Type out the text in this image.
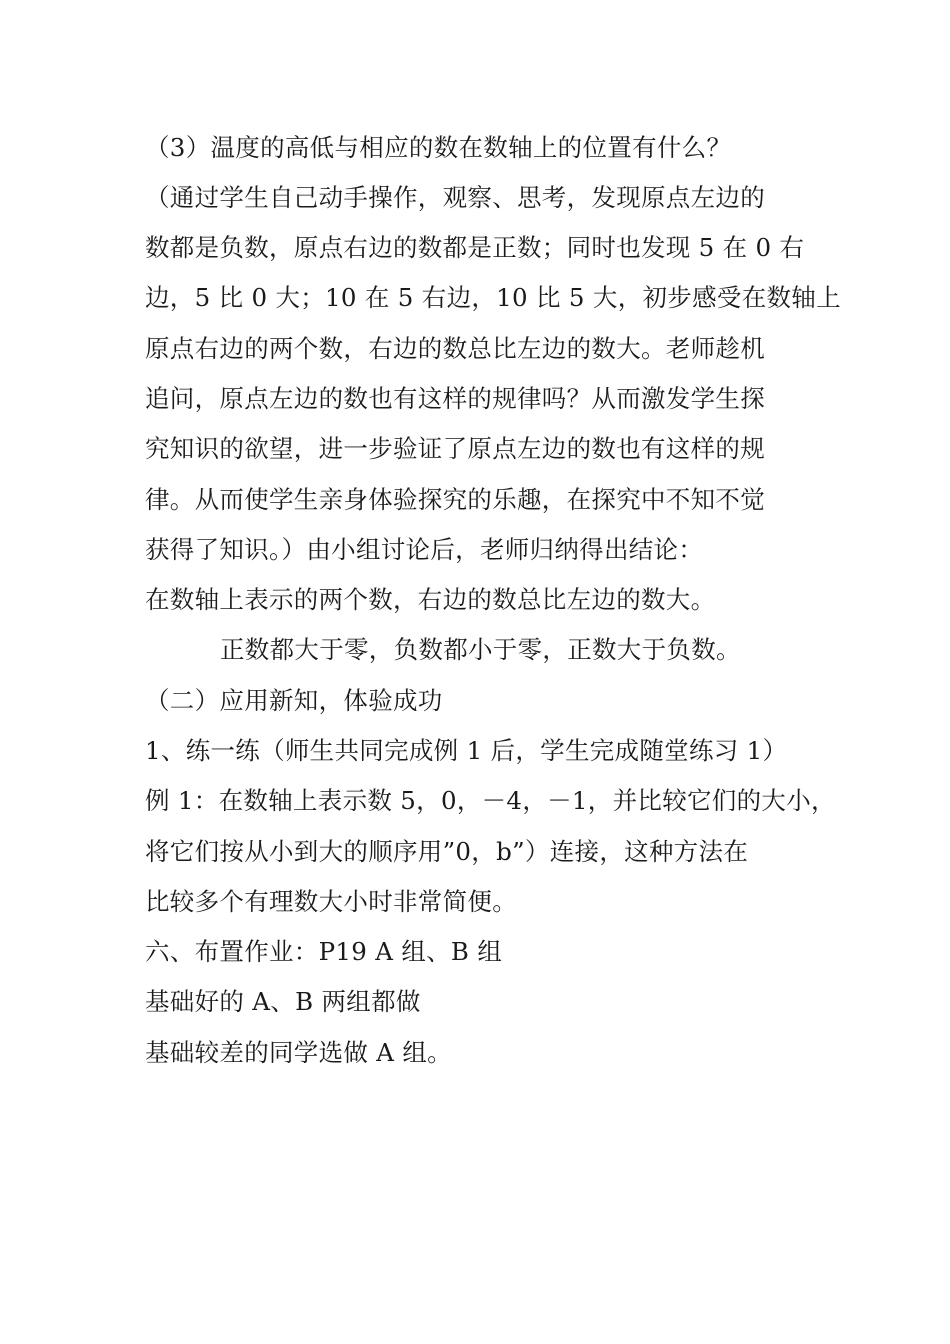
（3）温度的高低与相应的数在数轴上的位置有什么？
（通过学生自己动手操作，观察、思考，发现原点左边的
数都是负数，原点右边的数都是正数；同时也发现 5 在 0 右
边，5 比 0 大；10 在 5 右边，10 比 5 大，初步感受在数轴上
原点右边的两个数，右边的数总比左边的数大。老师趁机
追问，原点左边的数也有这样的规律吗？从而激发学生探
究知识的欲望，进一步验证了原点左边的数也有这样的规
律。从而使学生亲身体验探究的乐趣，在探究中不知不觉
获得了知识。）由小组讨论后，老师归纳得出结论：
在数轴上表示的两个数，右边的数总比左边的数大。
正数都大于零，负数都小于零，正数大于负数。
（二）应用新知，体验成功
1、练一练（师生共同完成例 1 后，学生完成随堂练习 1）
例 1：在数轴上表示数 5，0，－4，－1，并比较它们的大小，
将它们按从小到大的顺序用”0，b”）连接，这种方法在
比较多个有理数大小时非常简便。
六、布置作业：P19 A 组、B 组
基础好的 A、B 两组都做
基础较差的同学选做 A 组。
